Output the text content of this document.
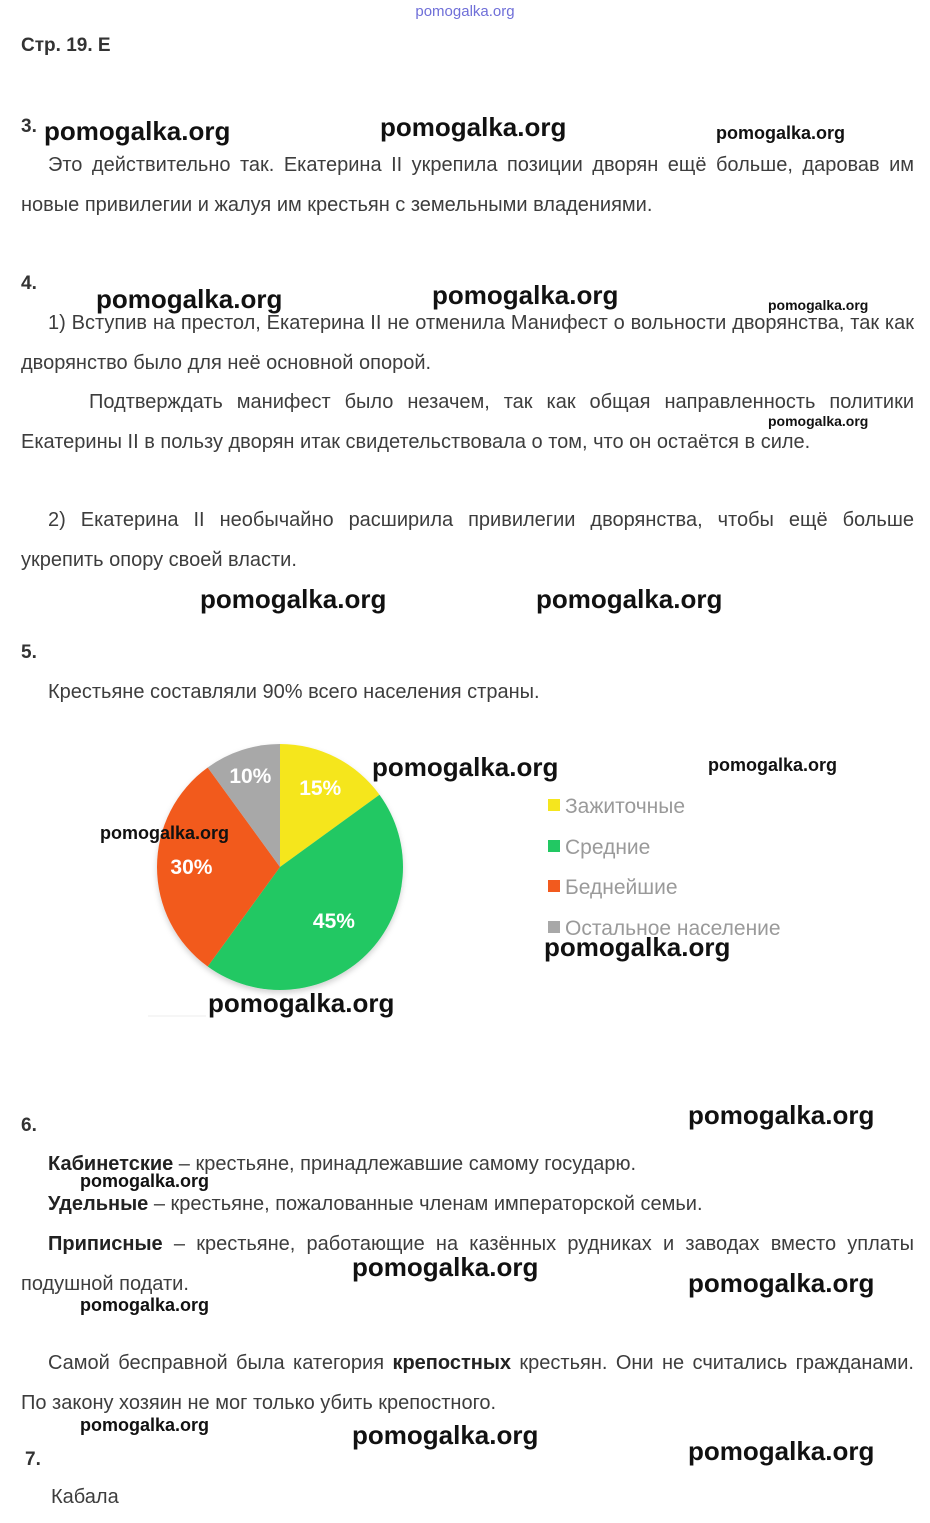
pomogalka.org
Стр. 19. Е
3.

Это действительно так. Екатерина II укрепила позиции дворян ещё больше, даровав им новые привилегии и жалуя им крестьян с земельными владениями.

4.

1) Вступив на престол, Екатерина II не отменила Манифест о вольности дворянства, так как дворянство было для неё основной опорой.

Подтверждать манифест было незачем, так как общая направленность политики Екатерины II в пользу дворян итак свидетельствовала о том, что он остаётся в силе.

2) Екатерина II необычайно расширила привилегии дворянства, чтобы ещё больше укрепить опору своей власти.

5.

Крестьяне составляли 90% всего населения страны.

15%
45%
30%
10%
Зажиточные
Средние
Беднейшие
Остальное население
6.

Кабинетские – крестьяне, принадлежавшие самому государю.

Удельные – крестьяне, пожалованные членам императорской семьи.

Приписные – крестьяне, работающие на казённых рудниках и заводах вместо уплаты подушной подати.

Самой бесправной была категория крепостных крестьян. Они не считались гражданами. По закону хозяин не мог только убить крепостного.

7.

Кабала

pomogalka.org	pomogalka.org	pomogalka.org
pomogalka.org	pomogalka.org	pomogalka.org
pomogalka.org
pomogalka.org	pomogalka.org
pomogalka.org	pomogalka.org
pomogalka.org
pomogalka.org
pomogalka.org
pomogalka.org
pomogalka.org
pomogalka.org
pomogalka.org
pomogalka.org
pomogalka.org	pomogalka.org
pomogalka.org
